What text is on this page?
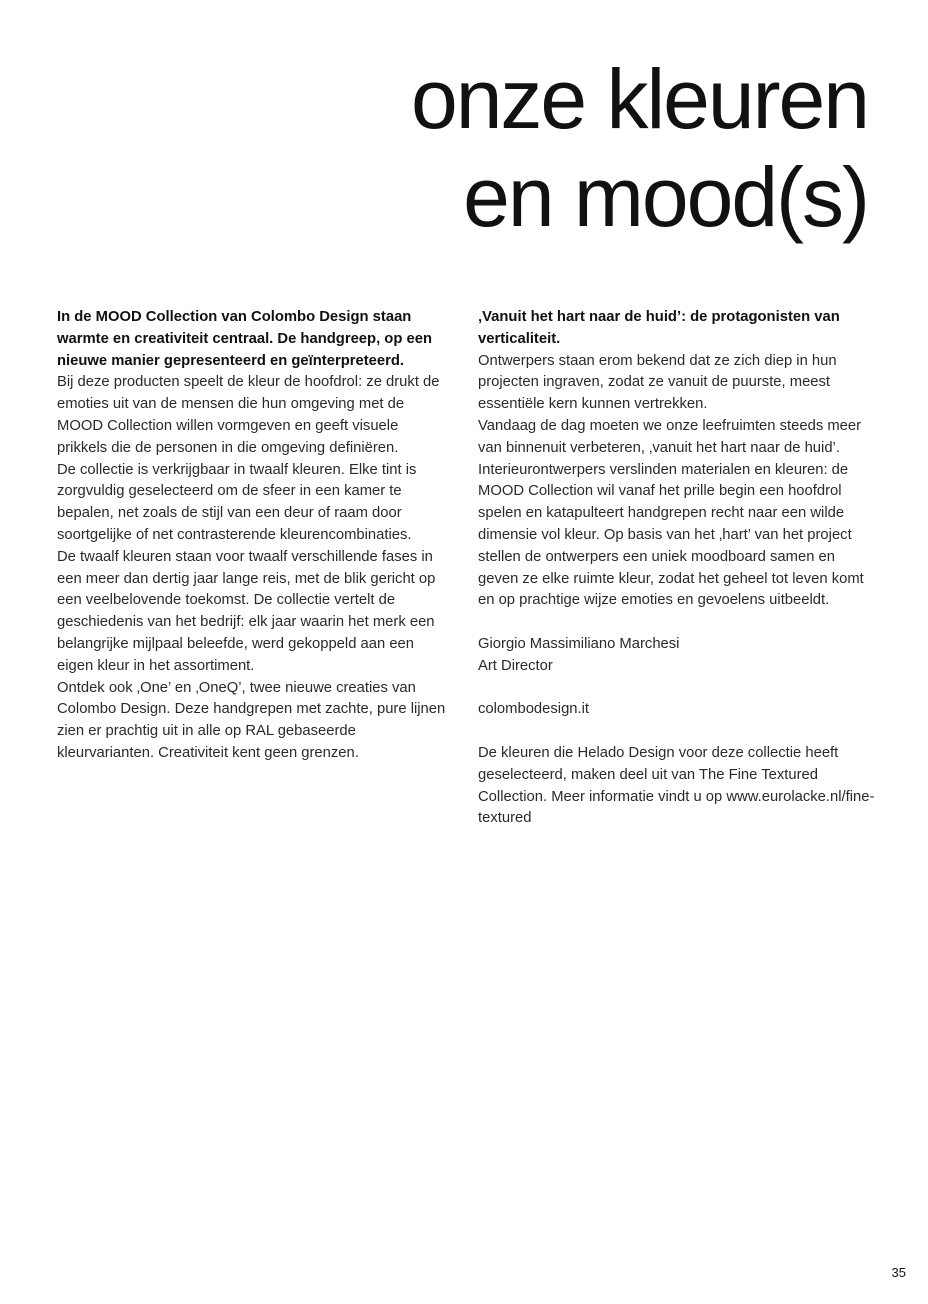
onze kleuren
en mood(s)

In de MOOD Collection van Colombo Design staan warmte en creativiteit centraal. De handgreep, op een nieuwe manier gepresenteerd en geïnterpreteerd.

Bij deze producten speelt de kleur de hoofdrol: ze drukt de emoties uit van de mensen die hun omgeving met de MOOD Collection willen vormgeven en geeft visuele prikkels die de personen in die omgeving definiëren.

De collectie is verkrijgbaar in twaalf kleuren. Elke tint is zorgvuldig geselecteerd om de sfeer in een kamer te bepalen, net zoals de stijl van een deur of raam door soortgelijke of net contrasterende kleurencombinaties.

De twaalf kleuren staan voor twaalf verschillende fases in een meer dan dertig jaar lange reis, met de blik gericht op een veelbelovende toekomst. De collectie vertelt de geschiedenis van het bedrijf: elk jaar waarin het merk een belangrijke mijlpaal beleefde, werd gekoppeld aan een eigen kleur in het assortiment.

Ontdek ook ‚One’ en ‚OneQ’, twee nieuwe creaties van Colombo Design. Deze handgrepen met zachte, pure lijnen zien er prachtig uit in alle op RAL gebaseerde kleurvarianten. Creativiteit kent geen grenzen.

‚Vanuit het hart naar de huid’: de protagonisten van verticaliteit.

Ontwerpers staan erom bekend dat ze zich diep in hun projecten ingraven, zodat ze vanuit de puurste, meest essentiële kern kunnen vertrekken.

Vandaag de dag moeten we onze leefruimten steeds meer van binnenuit verbeteren, ‚vanuit het hart naar de huid’. Interieurontwerpers verslinden materialen en kleuren: de MOOD Collection wil vanaf het prille begin een hoofdrol spelen en katapulteert handgrepen recht naar een wilde dimensie vol kleur. Op basis van het ‚hart’ van het project stellen de ontwerpers een uniek moodboard samen en geven ze elke ruimte kleur, zodat het geheel tot leven komt en op prachtige wijze emoties en gevoelens uitbeeldt.

Giorgio Massimiliano Marchesi

Art Director

colombodesign.it

De kleuren die Helado Design voor deze collectie heeft geselecteerd, maken deel uit van The Fine Textured Collection. Meer informatie vindt u op www.eurolacke.nl/fine-textured

35
